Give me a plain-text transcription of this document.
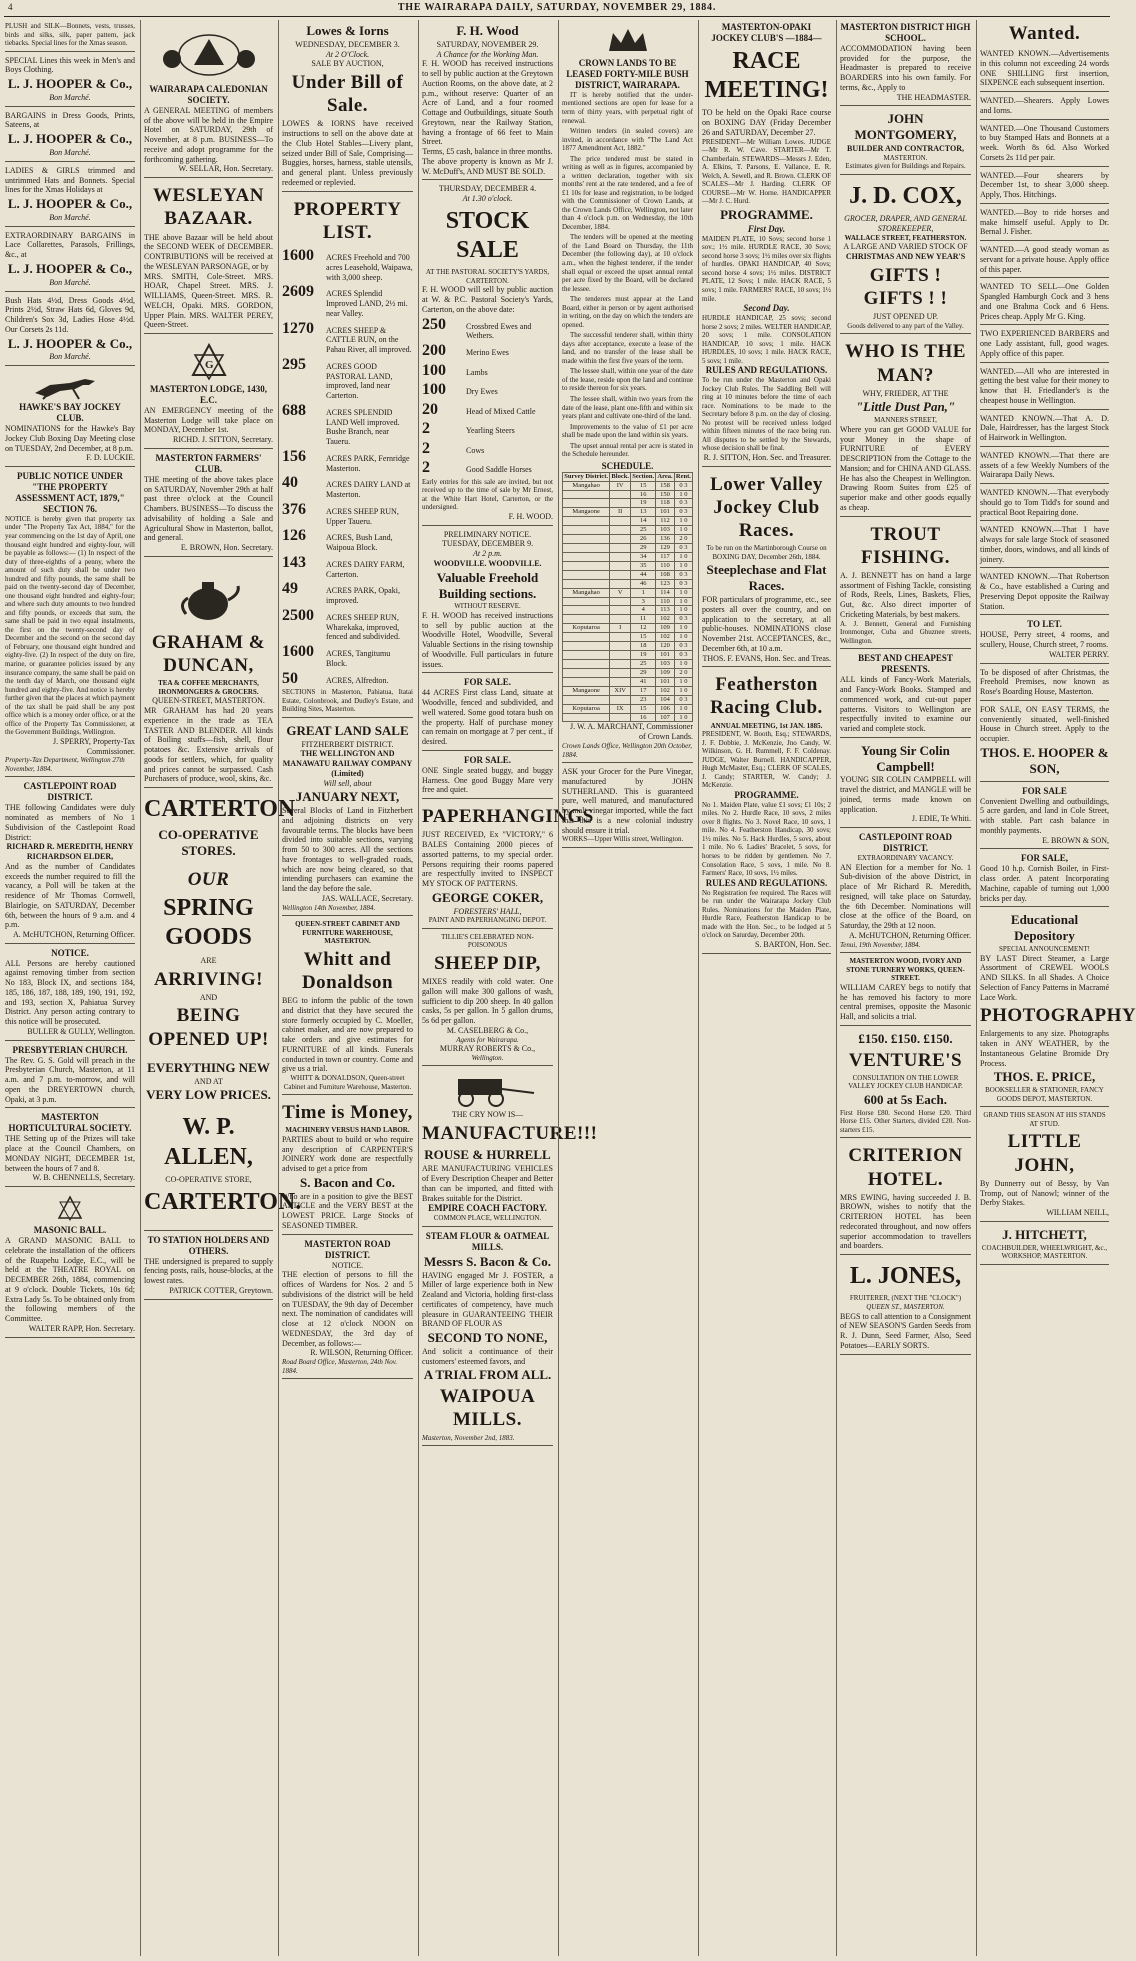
4	THE WAIRARAPA DAILY, SATURDAY, NOVEMBER 29, 1884.
PLUSH and SILK—Bonnets, vests, trusses, birds and silks, silk, paper pattern, jack tiebacks. Special lines for the Xmas season.
SPECIAL Lines this week in Men's and Boys Clothing.
L. J. HOOPER & Co.,
Bon Marché.
BARGAINS in Dress Goods, Prints, Sateens, at
L. J. HOOPER & Co.,
Bon Marché.
LADIES & GIRLS trimmed and untrimmed Hats and Bonnets. Special lines for the Xmas Holidays at
L. J. HOOPER & Co.,
Bon Marché.
EXTRAORDINARY BARGAINS in Lace Collarettes, Parasols, Frillings, &c., at
L. J. HOOPER & Co.,
Bon Marché.
Bush Hats 4½d, Dress Goods 4½d, Prints 2½d, Straw Hats 6d, Gloves 9d, Children's Sox 3d, Ladies Hose 4½d. Our Corsets 2s 11d.
L. J. HOOPER & Co.,
Bon Marché.
HAWKE'S BAY JOCKEY CLUB.
NOMINATIONS for the Hawke's Bay Jockey Club Boxing Day Meeting close on TUESDAY, 2nd December, at 8 p.m.
F. D. LUCKIE.
PUBLIC NOTICE UNDER "THE PROPERTY ASSESSMENT ACT, 1879," SECTION 76.
NOTICE is hereby given that property tax under "The Property Tax Act, 1884," for the year commencing on the 1st day of April, one thousand eight hundred and eighty-four, will be payable as follows:— (1) In respect of the duty of three-eighths of a penny, where the amount of such duty shall be under two hundred and fifty pounds, the same shall be paid on the twenty-second day of December, one thousand eight hundred and eighty-four; and where such duty amounts to two hundred and fifty pounds, or exceeds that sum, the same shall be paid in two equal instalments, the first on the twenty-second day of December and the second on the second day of February, one thousand eight hundred and eighty-five. (2) In respect of the duty on fire, marine, or guarantee policies issued by any insurance company, the same shall be paid on the tenth day of March, one thousand eight hundred and eighty-five. And notice is hereby further given that the places at which payment of the tax shall be paid shall be any post office which is a money order office, or at the office of the Property Tax Commissioner, at the Government Buildings, Wellington.
J. SPERRY, Property-Tax Commissioner.
Property-Tax Department, Wellington 27th November, 1884.
CASTLEPOINT ROAD DISTRICT.
THE following Candidates were duly nominated as members of No 1 Subdivision of the Castlepoint Road District:
RICHARD R. MEREDITH, HENRY RICHARDSON ELDER,
And as the number of Candidates exceeds the number required to fill the vacancy, a Poll will be taken at the residence of Mr Thomas Cornwell, Blairlogie, on SATURDAY, December 6th, between the hours of 9 a.m. and 4 p.m.
A. McHUTCHON, Returning Officer.
NOTICE.
ALL Persons are hereby cautioned against removing timber from section No 183, Block IX, and sections 184, 185, 186, 187, 188, 189, 190, 191, 192, and 193, section X, Pahiatua Survey District. Any person acting contrary to this notice will be prosecuted.
BULLER & GULLY, Wellington.
PRESBYTERIAN CHURCH.
The Rev. G. S. Gold will preach in the Presbyterian Church, Masterton, at 11 a.m. and 7 p.m. to-morrow, and will open the DREYERTOWN church, Opaki, at 3 p.m.
MASTERTON HORTICULTURAL SOCIETY.
THE Setting up of the Prizes will take place at the Council Chambers, on MONDAY NIGHT, DECEMBER 1st, between the hours of 7 and 8.
W. B. CHENNELLS, Secretary.
MASONIC BALL.
A GRAND MASONIC BALL to celebrate the installation of the officers of the Ruapehu Lodge, E.C., will be held at the THEATRE ROYAL on DECEMBER 26th, 1884, commencing at 9 o'clock. Double Tickets, 10s 6d; Extra Lady 5s. To be obtained only from the following members of the Committee.
WALTER RAPP, Hon. Secretary.
WAIRARAPA CALEDONIAN SOCIETY.
A GENERAL MEETING of members of the above will be held in the Empire Hotel on SATURDAY, 29th of November, at 8 p.m. BUSINESS—To receive and adopt programme for the forthcoming gathering.
W. SELLAR, Hon. Secretary.
WESLEYAN BAZAAR.
THE above Bazaar will be held about the SECOND WEEK of DECEMBER. CONTRIBUTIONS will be received at the WESLEYAN PARSONAGE, or by
MRS. SMITH, Cole-Street. MRS. HOAR, Chapel Street. MRS. J. WILLIAMS, Queen-Street. MRS. R. WELCH, Opaki. MRS. GORDON, Upper Plain. MRS. WALTER PEREY, Queen-Street.
G
MASTERTON LODGE, 1430, E.C.
AN EMERGENCY meeting of the Masterton Lodge will take place on MONDAY, December 1st.
RICHD. J. SITTON, Secretary.
MASTERTON FARMERS' CLUB.
THE meeting of the above takes place on SATURDAY, November 29th at half past three o'clock at the Council Chambers. BUSINESS—To discuss the advisability of holding a Sale and Agricultural Show in Masterton, ballot, and general.
E. BROWN, Hon. Secretary.
GRAHAM & DUNCAN,
TEA & COFFEE MERCHANTS, IRONMONGERS & GROCERS.
QUEEN-STREET, MASTERTON.
MR GRAHAM has had 20 years experience in the trade as TEA TASTER AND BLENDER. All kinds of Boiling stuffs—fish, shell, flour potatoes &c. Extensive arrivals of goods for settlers, which, for quality and prices cannot be surpassed. Cash Purchasers of produce, wool, skins, &c.
CARTERTON
CO-OPERATIVE STORES.
OUR
SPRING GOODS
ARE
ARRIVING!
AND
BEING OPENED UP!
EVERYTHING NEW
AND AT
VERY LOW PRICES.
W. P. ALLEN,
CO-OPERATIVE STORE,
CARTERTON.
TO STATION HOLDERS AND OTHERS.
THE undersigned is prepared to supply fencing posts, rails, house-blocks, at the lowest rates.
PATRICK COTTER, Greytown.
Lowes & Iorns
WEDNESDAY, DECEMBER 3.
At 2 O'Clock.
SALE BY AUCTION,
Under Bill of Sale.
LOWES & IORNS have received instructions to sell on the above date at the Club Hotel Stables—Livery plant, seized under Bill of Sale, Comprising— Buggies, horses, harness, stable utensils, and general plant. Unless previously redeemed or replevied.
PROPERTY LIST.
1600	ACRES Freehold and 700 acres Leasehold, Waipawa, with 3,000 sheep.
2609	ACRES Splendid Improved LAND, 2½ mi. near Valley.
1270	ACRES SHEEP & CATTLE RUN, on the Pahau River, all improved.
295	ACRES GOOD PASTORAL LAND, improved, land near Carterton.
688	ACRES SPLENDID LAND Well improved. Bushe Branch, near Taueru.
156	ACRES PARK, Fernridge Masterton.
40	ACRES DAIRY LAND at Masterton.
376	ACRES SHEEP RUN, Upper Taueru.
126	ACRES, Bush Land, Waipoua Block.
143	ACRES DAIRY FARM, Carterton.
49	ACRES PARK, Opaki, improved.
2500	ACRES SHEEP RUN, Wharekaka, improved, fenced and subdivided.
1600	ACRES, Tangitumu Block.
50	ACRES, Alfredton.
SECTIONS in Masterton, Pahiatua, Itatai Estate, Colonbrook, and Dudley's Estate, and Building Sites, Masterton.
GREAT LAND SALE
FITZHERBERT DISTRICT.
THE WELLINGTON AND MANAWATU RAILWAY COMPANY (Limited)
Will sell, about
JANUARY NEXT,
Several Blocks of Land in Fitzherbert and adjoining districts on very favourable terms. The blocks have been divided into suitable sections, varying from 50 to 300 acres. All the sections have frontages to well-graded roads, which are now being cleared, so that intending purchasers can examine the land the day before the sale.
JAS. WALLACE, Secretary.
Wellington 14th November, 1884.
QUEEN-STREET CABINET AND FURNITURE WAREHOUSE, MASTERTON.
Whitt and Donaldson
BEG to inform the public of the town and district that they have secured the store formerly occupied by C. Moeller, cabinet maker, and are now prepared to take orders and give estimates for FURNITURE of all kinds. Funerals conducted in town or country. Come and give us a trial.
WHITT & DONALDSON, Queen-street Cabinet and Furniture Warehouse, Masterton.
Time is Money,
MACHINERY VERSUS HAND LABOR.
PARTIES about to build or who require any description of CARPENTER'S JOINERY work done are respectfully advised to get a price from
S. Bacon and Co.
Who are in a position to give the BEST ARTICLE and the VERY BEST at the LOWEST PRICE. Large Stocks of SEASONED TIMBER.
MASTERTON ROAD DISTRICT.
NOTICE.
THE election of persons to fill the offices of Wardens for Nos. 2 and 5 subdivisions of the district will be held on TUESDAY, the 9th day of December next. The nomination of candidates will close at 12 o'clock NOON on WEDNESDAY, the 3rd day of December, as follows:—
R. WILSON, Returning Officer.
Road Board Office, Masterton, 24th Nov. 1884.
F. H. Wood
SATURDAY, NOVEMBER 29.
A Chance for the Working Man.
F. H. WOOD has received instructions to sell by public auction at the Greytown Auction Rooms, on the above date, at 2 p.m., without reserve: Quarter of an Acre of Land, and a four roomed Cottage and Outbuildings, situate South Greytown, near the Railway Station, having a frontage of 66 feet to Main Street.
Terms, £5 cash, balance in three months.
The above property is known as Mr J. W. McDuff's, AND MUST BE SOLD.
THURSDAY, DECEMBER 4.
At 1.30 o'clock.
STOCK SALE
AT THE PASTORAL SOCIETY'S YARDS, CARTERTON.
F. H. WOOD will sell by public auction at W. & P.C. Pastoral Society's Yards, Carterton, on the above date:
250	Crossbred Ewes and Wethers.
200	Merino Ewes
100	Lambs
100	Dry Ewes
20	Head of Mixed Cattle
2	Yearling Steers
2	Cows
2	Good Saddle Horses
Early entries for this sale are invited, but not received up to the time of sale by Mr Ernest, at the White Hart Hotel, Carterton, or the undersigned.
F. H. WOOD.
PRELIMINARY NOTICE.
TUESDAY, DECEMBER 9.
At 2 p.m.
WOODVILLE. WOODVILLE.
Valuable Freehold Building sections.
WITHOUT RESERVE.
F. H. WOOD has received instructions to sell by public auction at the Woodville Hotel, Woodville, Several Valuable Sections in the rising township of Woodville. Full particulars in future issues.
FOR SALE.
44 ACRES First class Land, situate at Woodville, fenced and subdivided, and well watered. Some good totara bush on the property. Half of purchase money can remain on mortgage at 7 per cent., if desired.
FOR SALE.
ONE Single seated buggy, and buggy Harness. One good Buggy Mare very free and quiet.
PAPERHANGINGS
JUST RECEIVED, Ex "VICTORY," 6 BALES Containing 2000 pieces of assorted patterns, to my special order. Persons requiring their rooms papered are respectfully invited to INSPECT MY STOCK OF PATTERNS.
GEORGE COKER,
FORESTERS' HALL,
PAINT AND PAPERHANGING DEPOT.
TILLIE'S CELEBRATED NON-POISONOUS
SHEEP DIP,
MIXES readily with cold water. One gallon will make 300 gallons of wash, sufficient to dip 200 sheep. In 40 gallon casks, 5s per gallon. In 5 gallon drums, 5s 6d per gallon.
M. CASELBERG & Co.,
Agents for Wairarapa.
MURRAY ROBERTS & Co.,
Wellington.
THE CRY NOW IS—
MANUFACTURE!!!
ROUSE & HURRELL
ARE MANUFACTURING VEHICLES of Every Description Cheaper and Better than can be imported, and fitted with Brakes suitable for the District.
EMPIRE COACH FACTORY.
COMMON PLACE, WELLINGTON.
STEAM FLOUR & OATMEAL MILLS.
Messrs S. Bacon & Co.
HAVING engaged Mr J. FOSTER, a Miller of large experience both in New Zealand and Victoria, holding first-class certificates of competency, have much pleasure in GUARANTEEING THEIR BRAND OF FLOUR AS
SECOND TO NONE,
And solicit a continuance of their customers' esteemed favors, and
A TRIAL FROM ALL.
WAIPOUA MILLS.
Masterton, November 2nd, 1883.
CROWN LANDS TO BE LEASED FORTY-MILE BUSH DISTRICT, WAIRARAPA.

IT is hereby notified that the under-mentioned sections are open for lease for a term of thirty years, with perpetual right of renewal.

Written tenders (in sealed covers) are invited, in accordance with "The Land Act 1877 Amendment Act, 1882."

The price tendered must be stated in writing as well as in figures, accompanied by a written declaration, together with six months' rent at the rate tendered, and a fee of £1 10s for lease and registration, to be lodged with the Commissioner of Crown Lands, at the Crown Lands Office, Wellington, not later than 4 o'clock p.m. on Wednesday, the 10th December, 1884.

The tenders will be opened at the meeting of the Land Board on Thursday, the 11th December (the following day), at 10 o'clock a.m., when the highest tenderer, if the tender shall equal or exceed the upset annual rental per acre fixed by the Board, will be declared the lessee.

The tenderers must appear at the Land Board, either in person or by agent authorised in writing, on the day on which the tenders are opened.

The successful tenderer shall, within thirty days after acceptance, execute a lease of the land, and no transfer of the lease shall be made within the first five years of the term.

The lessee shall, within one year of the date of the lease, reside upon the land and continue to reside thereon for six years.

The lessee shall, within two years from the date of the lease, plant one-fifth and within six years plant and cultivate one-third of the land.

Improvements to the value of £1 per acre shall be made upon the land within six years.

The upset annual rental per acre is stated in the Schedule hereunder.

SCHEDULE.
Survey District.	Block.	Section.	Area.	Rent.
Mangahao	IV	15	158	0 3
		16	150	1 0
		19	118	0 3
Mangaone	II	13	101	0 3
		14	112	1 0
		25	103	1 0
		26	136	2 0
		29	129	0 3
		34	117	1 0
		35	110	1 0
		44	108	0 3
		46	123	0 3
Mangahao	V	1	114	1 0
		3	110	1 0
		4	113	1 0
		11	102	0 3
Koputaroa	I	12	109	1 0
		15	102	1 0
		18	120	0 3
		19	101	0 3
		25	103	1 0
		29	109	2 0
		41	101	1 0
Mangaone	XIV	17	102	1 0
		23	104	0 3
Koputaroa	IX	15	106	1 0
		16	107	1 0
J. W. A. MARCHANT, Commissioner of Crown Lands.
Crown Lands Office, Wellington 20th October, 1884.
ASK your Grocer for the Pure Vinegar, manufactured by JOHN SUTHERLAND. This is guaranteed pure, well matured, and manufactured by malt vinegar imported, while the fact that this is a new colonial industry should ensure it trial.
WORKS—Upper Willis street, Wellington.
MASTERTON-OPAKI JOCKEY CLUB'S —1884—
RACE MEETING!
TO be held on the Opaki Race course on BOXING DAY (Friday December 26 and SATURDAY, December 27.
PRESIDENT—Mr William Lowes. JUDGE—Mr R. W. Cave. STARTER—Mr T. Chamberlain. STEWARDS—Messrs J. Eden, A. Elkins, T. Parsons, E. Vallance, E. R. Welch, A. Sewell, and R. Brown. CLERK OF SCALES—Mr J. Harding. CLERK OF COURSE—Mr W. Horne. HANDICAPPER—Mr J. C. Hurd.
PROGRAMME.
First Day.
MAIDEN PLATE, 10 Sovs; second horse 1 sov.; 1½ mile. HURDLE RACE, 30 Sovs; second horse 3 sovs; 1½ miles over six flights of hurdles. OPAKI HANDICAP, 40 Sovs; second horse 4 sovs; 1½ miles. DISTRICT PLATE, 12 Sovs; 1 mile. HACK RACE, 5 sovs; 1 mile. FARMERS' RACE, 10 sovs; 1½ mile.
Second Day.
HURDLE HANDICAP, 25 sovs; second horse 2 sovs; 2 miles. WELTER HANDICAP, 20 sovs; 1 mile. CONSOLATION HANDICAP, 10 sovs; 1 mile. HACK HURDLES, 10 sovs; 1 mile. HACK RACE, 5 sovs; 1 mile.
RULES AND REGULATIONS.
To be run under the Masterton and Opaki Jockey Club Rules. The Saddling Bell will ring at 10 minutes before the time of each race. Nominations to be made to the Secretary before 8 p.m. on the day of closing. No protest will be received unless lodged within fifteen minutes of the race being run. All disputes to be settled by the Stewards, whose decision shall be final.
R. J. SITTON, Hon. Sec. and Treasurer.
Lower Valley Jockey Club Races.
To be run on the Martinborough Course on BOXING DAY, December 26th, 1884.
Steeplechase and Flat Races.
FOR particulars of programme, etc., see posters all over the country, and on application to the secretary, at all public-houses. NOMINATIONS close November 21st. ACCEPTANCES, &c., December 6th, at 10 a.m.
THOS. F. EVANS, Hon. Sec. and Treas.
Featherston Racing Club.
ANNUAL MEETING, 1st JAN. 1885.
PRESIDENT, W. Booth, Esq.; STEWARDS, J. F. Dobbie, J. McKenzie, Jno Candy, W. Wilkinson, G. H. Rummell, F. F. Coldenay. JUDGE, Walter Burnell. HANDICAPPER, Hugh McMaster, Esq.; CLERK OF SCALES, J. Candy; STARTER, W. Candy; J. McKenzie.
PROGRAMME.
No 1. Maiden Plate, value £1 sovs; £1 10s; 2 miles. No 2. Hurdle Race, 10 sovs, 2 miles over 8 flights. No 3. Novel Race, 10 sovs, 1 mile. No 4. Featherston Handicap, 30 sovs; 1½ miles. No 5. Hack Hurdles, 5 sovs, about 1 mile. No 6. Ladies' Bracelet, 5 sovs, for horses to be ridden by gentlemen. No 7. Consolation Race, 5 sovs, 1 mile. No 8. Farmers' Race, 10 sovs, 1½ miles.
RULES AND REGULATIONS.
No Registration fee required. The Races will be run under the Wairarapa Jockey Club Rules. Nominations for the Maiden Plate, Hurdle Race, Featherston Handicap to be made with the Hon. Sec., to be lodged at 5 o'clock on Saturday, December 20th.
S. BARTON, Hon. Sec.
MASTERTON DISTRICT HIGH SCHOOL.
ACCOMMODATION having been provided for the purpose, the Headmaster is prepared to receive BOARDERS into his own family. For terms, &c., Apply to
THE HEADMASTER.
JOHN MONTGOMERY,
BUILDER AND CONTRACTOR,
MASTERTON.
Estimates given for Buildings and Repairs.
J. D. COX,
GROCER, DRAPER, AND GENERAL STOREKEEPER,
WALLACE STREET, FEATHERSTON.
A LARGE AND VARIED STOCK OF
CHRISTMAS AND NEW YEAR'S
GIFTS ! GIFTS ! !
JUST OPENED UP.
Goods delivered to any part of the Valley.
WHO IS THE MAN?
WHY, FRIEDER, AT THE
"Little Dust Pan,"
MANNERS STREET,
Where you can get GOOD VALUE for your Money in the shape of FURNITURE of EVERY DESCRIPTION from the Cottage to the Mansion; and for CHINA AND GLASS. He has also the Cheapest in Wellington. Drawing Room Suites from £25 of superior make and other goods equally as cheap.
TROUT FISHING.
A. J. BENNETT has on hand a large assortment of Fishing Tackle, consisting of Rods, Reels, Lines, Baskets, Flies, Gut, &c. Also direct importer of Cricketing Materials, by best makers.
A. J. Bennett, General and Furnishing Ironmonger, Cuba and Ghuznee streets, Wellington.
BEST AND CHEAPEST PRESENTS.
ALL kinds of Fancy-Work Materials, and Fancy-Work Books. Stamped and commenced work, and cut-out paper patterns. Visitors to Wellington are respectfully invited to examine our varied and complete stock.
Young Sir Colin Campbell!
YOUNG SIR COLIN CAMPBELL will travel the district, and MANGLE will be joined, terms made known on application.
J. EDIE, Te Whiti.
CASTLEPOINT ROAD DISTRICT.
EXTRAORDINARY VACANCY.
AN Election for a member for No. 1 Sub-division of the above District, in place of Mr Richard R. Meredith, resigned, will take place on Saturday, the 6th December. Nominations will close at the office of the Board, on Saturday, the 29th at 12 noon.
A. McHUTCHON, Returning Officer.
Tenui, 19th November, 1884.
MASTERTON WOOD, IVORY AND STONE TURNERY WORKS, QUEEN-STREET.
WILLIAM CAREY begs to notify that he has removed his factory to more central premises, opposite the Masonic Hall, and solicits a trial.
£150. £150. £150.
VENTURE'S
CONSULTATION ON THE LOWER VALLEY JOCKEY CLUB HANDICAP.
600 at 5s Each.
First Horse £80. Second Horse £20. Third Horse £15. Other Starters, divided £20. Non-starters £15.
CRITERION HOTEL.
MRS EWING, having succeeded J. B. BROWN, wishes to notify that the CRITERION HOTEL has been redecorated throughout, and now offers superior accommodation to travellers and boarders.
L. JONES,
FRUITERER, (NEXT THE "CLOCK")
QUEEN ST., MASTERTON.
BEGS to call attention to a Consignment of NEW SEASON'S Garden Seeds from R. J. Dunn, Seed Farmer, Also, Seed Potatoes—EARLY SORTS.
Wanted.
WANTED KNOWN.—Advertisements in this column not exceeding 24 words ONE SHILLING first insertion, SIXPENCE each subsequent insertion.
WANTED.—Shearers. Apply Lowes and Iorns.
WANTED.—One Thousand Customers to buy Stamped Hats and Bonnets at a week. Worth 8s 6d. Also Worked Corsets 2s 11d per pair.
WANTED.—Four shearers by December 1st, to shear 3,000 sheep. Apply, Thos. Hitchings.
WANTED.—Boy to ride horses and make himself useful. Apply to Dr. Bernal J. Fisher.
WANTED.—A good steady woman as servant for a private house. Apply office of this paper.
WANTED TO SELL—One Golden Spangled Hamburgh Cock and 3 hens and one Brahma Cock and 6 Hens. Prices cheap. Apply Mr G. King.
TWO EXPERIENCED BARBERS and one Lady assistant, full, good wages. Apply office of this paper.
WANTED.—All who are interested in getting the best value for their money to know that H. Friedlander's is the cheapest house in Wellington.
WANTED KNOWN.—That A. D. Dale, Hairdresser, has the largest Stock of Hairwork in Wellington.
WANTED KNOWN.—That there are assets of a few Weekly Numbers of the Wairarapa Daily News.
WANTED KNOWN.—That everybody should go to Tom Tidd's for sound and practical Boot Repairing done.
WANTED KNOWN.—That I have always for sale large Stock of seasoned timber, doors, windows, and all kinds of joinery.
WANTED KNOWN.—That Robertson & Co., have established a Curing and Preserving Depot opposite the Railway Station.
TO LET.
HOUSE, Perry street, 4 rooms, and scullery, House, Church street, 7 rooms.
WALTER PERRY.
To be disposed of after Christmas, the Freehold Premises, now known as Rose's Boarding House, Masterton.
FOR SALE, ON EASY TERMS, the conveniently situated, well-finished House in Church street. Apply to the occupier.
THOS. E. HOOPER & SON,
FOR SALE
Convenient Dwelling and outbuildings, 5 acre garden, and land in Cole Street, with stable. Part cash balance in monthly payments.
E. BROWN & SON,
FOR SALE,
Good 10 h.p. Cornish Boiler, in First-class order. A patent Incorporating Machine, capable of turning out 1,000 bricks per day.
Educational Depository
SPECIAL ANNOUNCEMENT!
BY LAST Direct Steamer, a Large Assortment of CREWEL WOOLS AND SILKS. In all Shades. A Choice Selection of Fancy Patterns in Macramé Lace Work.
PHOTOGRAPHY
Enlargements to any size. Photographs taken in ANY WEATHER, by the Instantaneous Gelatine Bromide Dry Process.
THOS. E. PRICE,
BOOKSELLER & STATIONER, FANCY GOODS DEPOT, MASTERTON.
GRAND THIS SEASON AT HIS STANDS AT STUD.
LITTLE JOHN,
By Dunnerry out of Bessy, by Van Tromp, out of Nanowl; winner of the Derby Stakes.
WILLIAM NEILL,
J. HITCHETT,
COACHBUILDER, WHEELWRIGHT, &c., WORKSHOP, MASTERTON.
